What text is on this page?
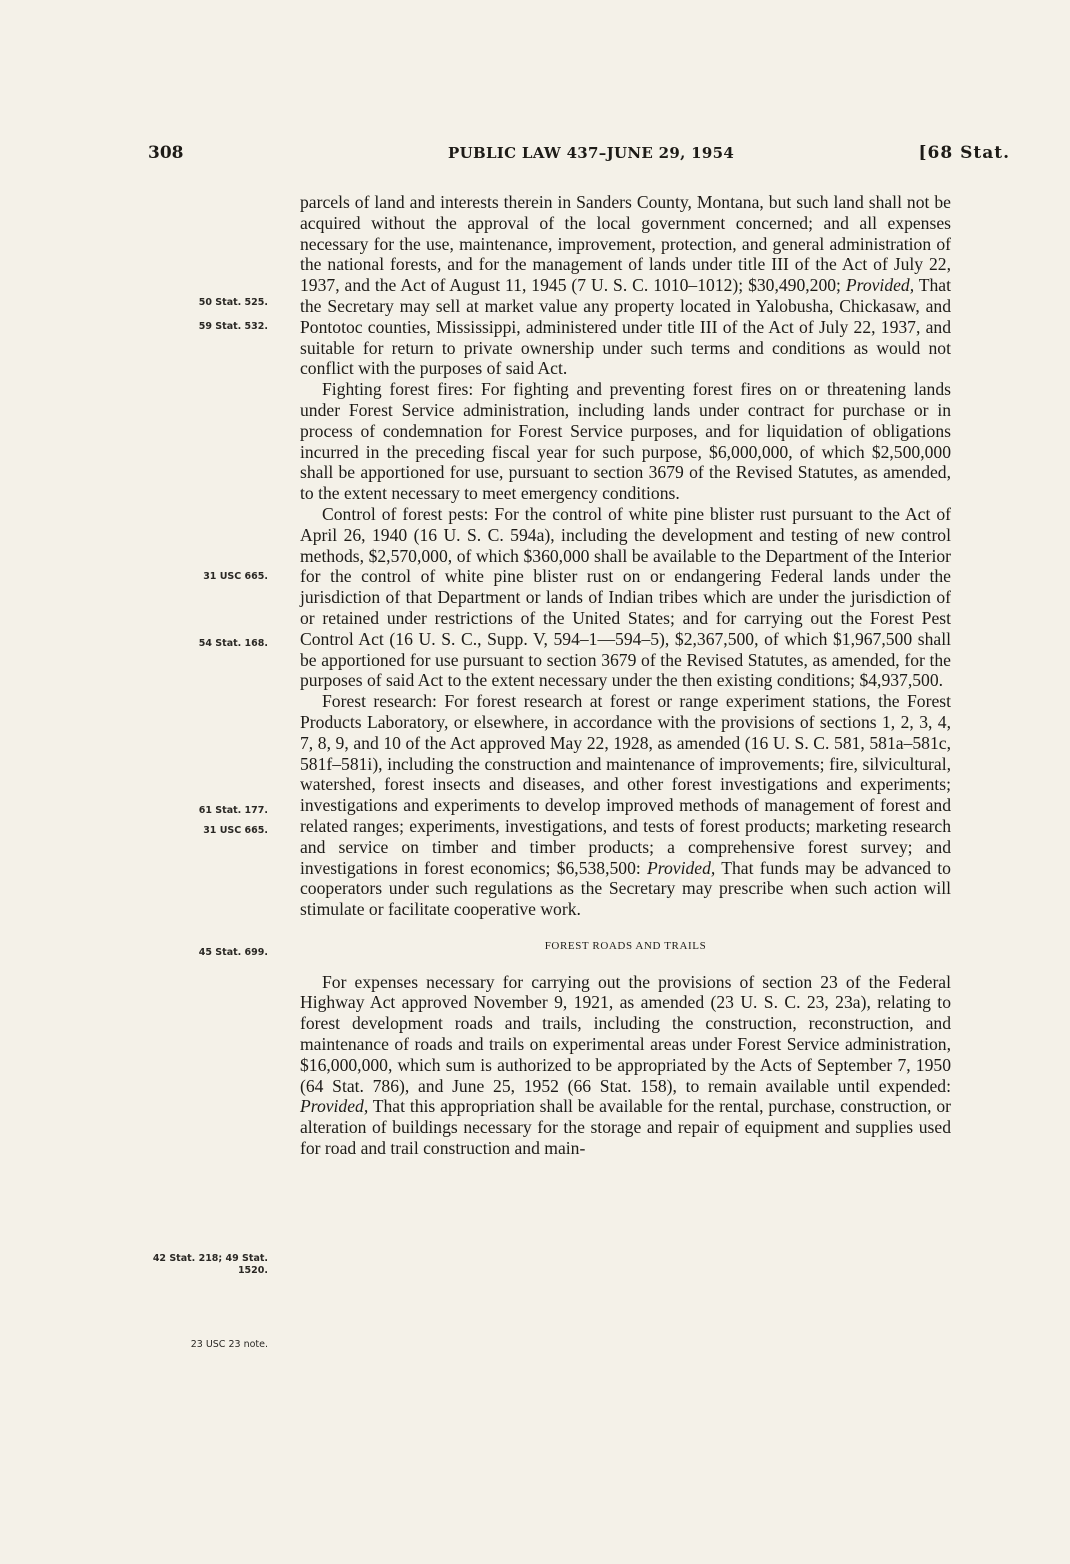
308	PUBLIC LAW 437–JUNE 29, 1954	[68 Stat.
50 Stat. 525.
59 Stat. 532.
31 USC 665.
54 Stat. 168.
61 Stat. 177.
31 USC 665.
45 Stat. 699.
42 Stat. 218; 49 Stat. 1520.
23 USC 23 note.

parcels of land and interests therein in Sanders County, Montana, but such land shall not be acquired without the approval of the local government concerned; and all expenses necessary for the use, maintenance, improvement, protection, and general administration of the national forests, and for the management of lands under title III of the Act of July 22, 1937, and the Act of August 11, 1945 (7 U. S. C. 1010–1012); $30,490,200; Provided, That the Secretary may sell at market value any property located in Yalobusha, Chickasaw, and Pontotoc counties, Mississippi, administered under title III of the Act of July 22, 1937, and suitable for return to private ownership under such terms and conditions as would not conflict with the purposes of said Act.

Fighting forest fires: For fighting and preventing forest fires on or threatening lands under Forest Service administration, including lands under contract for purchase or in process of condemnation for Forest Service purposes, and for liquidation of obligations incurred in the preceding fiscal year for such purpose, $6,000,000, of which $2,500,000 shall be apportioned for use, pursuant to section 3679 of the Revised Statutes, as amended, to the extent necessary to meet emergency conditions.

Control of forest pests: For the control of white pine blister rust pursuant to the Act of April 26, 1940 (16 U. S. C. 594a), including the development and testing of new control methods, $2,570,000, of which $360,000 shall be available to the Department of the Interior for the control of white pine blister rust on or endangering Federal lands under the jurisdiction of that Department or lands of Indian tribes which are under the jurisdiction of or retained under restrictions of the United States; and for carrying out the Forest Pest Control Act (16 U. S. C., Supp. V, 594–1—594–5), $2,367,500, of which $1,967,500 shall be apportioned for use pursuant to section 3679 of the Revised Statutes, as amended, for the purposes of said Act to the extent necessary under the then existing conditions; $4,937,500.

Forest research: For forest research at forest or range experiment stations, the Forest Products Laboratory, or elsewhere, in accordance with the provisions of sections 1, 2, 3, 4, 7, 8, 9, and 10 of the Act approved May 22, 1928, as amended (16 U. S. C. 581, 581a–581c, 581f–581i), including the construction and maintenance of improvements; fire, silvicultural, watershed, forest insects and diseases, and other forest investigations and experiments; investigations and experiments to develop improved methods of management of forest and related ranges; experiments, investigations, and tests of forest products; marketing research and service on timber and timber products; a comprehensive forest survey; and investigations in forest economics; $6,538,500: Provided, That funds may be advanced to cooperators under such regulations as the Secretary may prescribe when such action will stimulate or facilitate cooperative work.

FOREST ROADS AND TRAILS

For expenses necessary for carrying out the provisions of section 23 of the Federal Highway Act approved November 9, 1921, as amended (23 U. S. C. 23, 23a), relating to forest development roads and trails, including the construction, reconstruction, and maintenance of roads and trails on experimental areas under Forest Service administration, $16,000,000, which sum is authorized to be appropriated by the Acts of September 7, 1950 (64 Stat. 786), and June 25, 1952 (66 Stat. 158), to remain available until expended: Provided, That this appropriation shall be available for the rental, purchase, construction, or alteration of buildings necessary for the storage and repair of equipment and supplies used for road and trail construction and main-
